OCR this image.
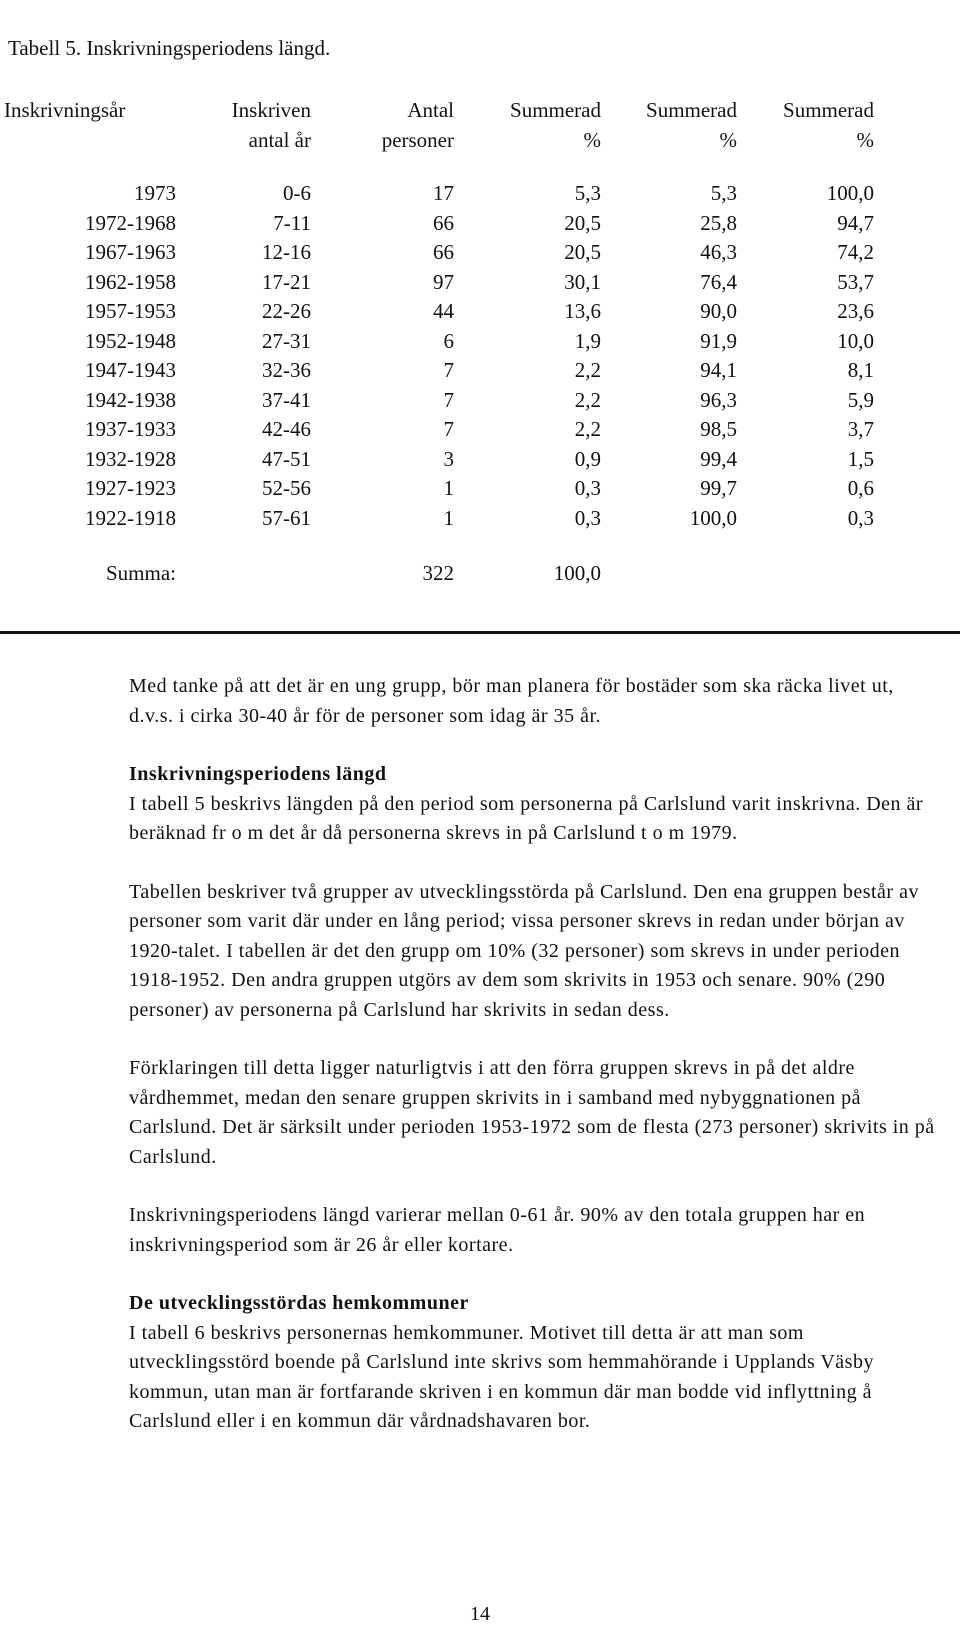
Tabell 5. Inskrivningsperiodens längd.
Inskrivningsår	Inskriven	Antal	Summerad	Summerad	Summerad
	antal år	personer	%	%	%

1973	0-6	17	5,3	5,3	100,0
1972-1968	7-11	66	20,5	25,8	94,7
1967-1963	12-16	66	20,5	46,3	74,2
1962-1958	17-21	97	30,1	76,4	53,7
1957-1953	22-26	44	13,6	90,0	23,6
1952-1948	27-31	6	1,9	91,9	10,0
1947-1943	32-36	7	2,2	94,1	8,1
1942-1938	37-41	7	2,2	96,3	5,9
1937-1933	42-46	7	2,2	98,5	3,7
1932-1928	47-51	3	0,9	99,4	1,5
1927-1923	52-56	1	0,3	99,7	0,6
1922-1918	57-61	1	0,3	100,0	0,3

Summa:		322	100,0		

Med tanke på att det är en ung grupp, bör man planera för bostäder som ska räcka livet ut, d.v.s. i cirka 30-40 år för de personer som idag är 35 år.

Inskrivningsperiodens längd
I tabell 5 beskrivs längden på den period som personerna på Carlslund varit inskrivna. Den är beräknad fr o m det år då personerna skrevs in på Carlslund t o m 1979.

Tabellen beskriver två grupper av utvecklingsstörda på Carlslund. Den ena gruppen består av personer som varit där under en lång period; vissa personer skrevs in redan under början av 1920-talet. I tabellen är det den grupp om 10% (32 personer) som skrevs in under perioden 1918-1952. Den andra gruppen utgörs av dem som skrivits in 1953 och senare. 90% (290 personer) av personerna på Carlslund har skrivits in sedan dess.

Förklaringen till detta ligger naturligtvis i att den förra gruppen skrevs in på det aldre vårdhemmet, medan den senare gruppen skrivits in i samband med nybyggnationen på Carlslund. Det är särksilt under perioden 1953-1972 som de flesta (273 personer) skrivits in på Carlslund.

Inskrivningsperiodens längd varierar mellan 0-61 år. 90% av den totala gruppen har en inskrivningsperiod som är 26 år eller kortare.

De utvecklingsstördas hemkommuner
I tabell 6 beskrivs personernas hemkommuner. Motivet till detta är att man som utvecklingsstörd boende på Carlslund inte skrivs som hemmahörande i Upplands Väsby kommun, utan man är fortfarande skriven i en kommun där man bodde vid inflyttning å Carlslund eller i en kommun där vårdnadshavaren bor.

14
